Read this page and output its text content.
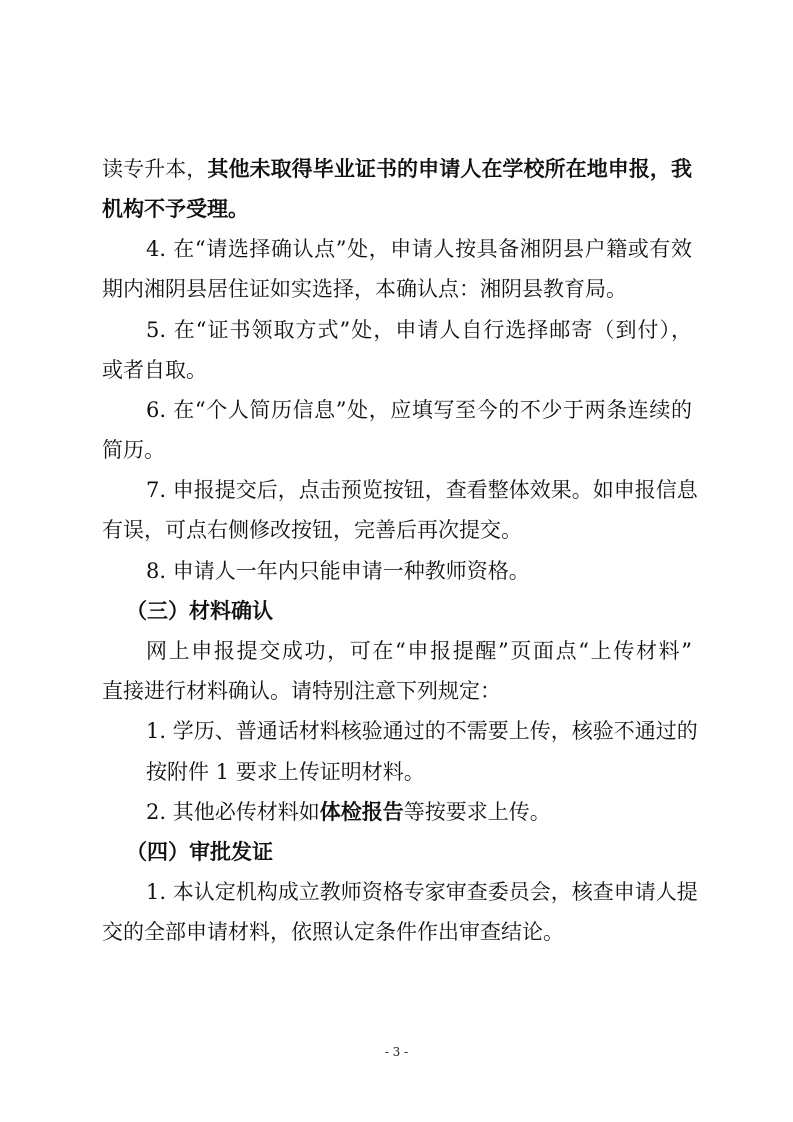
读专升本，其他未取得毕业证书的申请人在学校所在地申报，我
机构不予受理。
4. 在“请选择确认点”处，申请人按具备湘阴县户籍或有效
期内湘阴县居住证如实选择，本确认点：湘阴县教育局。
5. 在“证书领取方式”处，申请人自行选择邮寄（到付），
或者自取。
6. 在“个人简历信息”处，应填写至今的不少于两条连续的
简历。
7. 申报提交后，点击预览按钮，查看整体效果。如申报信息
有误，可点右侧修改按钮，完善后再次提交。
8. 申请人一年内只能申请一种教师资格。
（三）材料确认
网上申报提交成功，可在“申报提醒”页面点“上传材料”
直接进行材料确认。请特别注意下列规定：
1. 学历、普通话材料核验通过的不需要上传，核验不通过的
按附件 1 要求上传证明材料。
2. 其他必传材料如体检报告等按要求上传。
（四）审批发证
1. 本认定机构成立教师资格专家审查委员会，核查申请人提
交的全部申请材料，依照认定条件作出审查结论。
- 3 -
